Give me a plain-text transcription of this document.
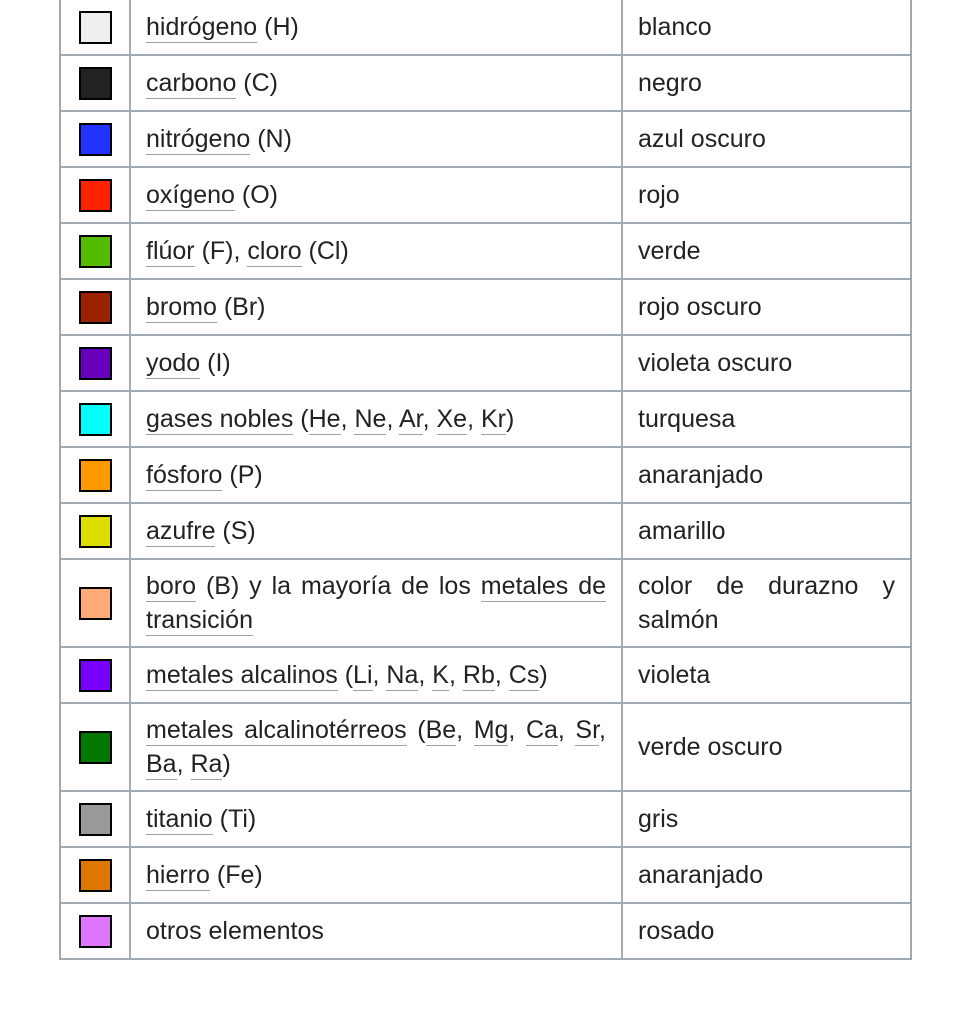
	hidrógeno (H)	blanco
	carbono (C)	negro
	nitrógeno (N)	azul oscuro
	oxígeno (O)	rojo
	flúor (F), cloro (Cl)	verde
	bromo (Br)	rojo oscuro
	yodo (I)	violeta oscuro
	gases nobles (He, Ne, Ar, Xe, Kr)	turquesa
	fósforo (P)	anaranjado
	azufre (S)	amarillo
	boro (B) y la mayoría de los metales de transición	color de durazno y salmón
	metales alcalinos (Li, Na, K, Rb, Cs)	violeta
	metales alcalinotérreos (Be, Mg, Ca, Sr, Ba, Ra)	verde oscuro
	titanio (Ti)	gris
	hierro (Fe)	anaranjado
	otros elementos	rosado
